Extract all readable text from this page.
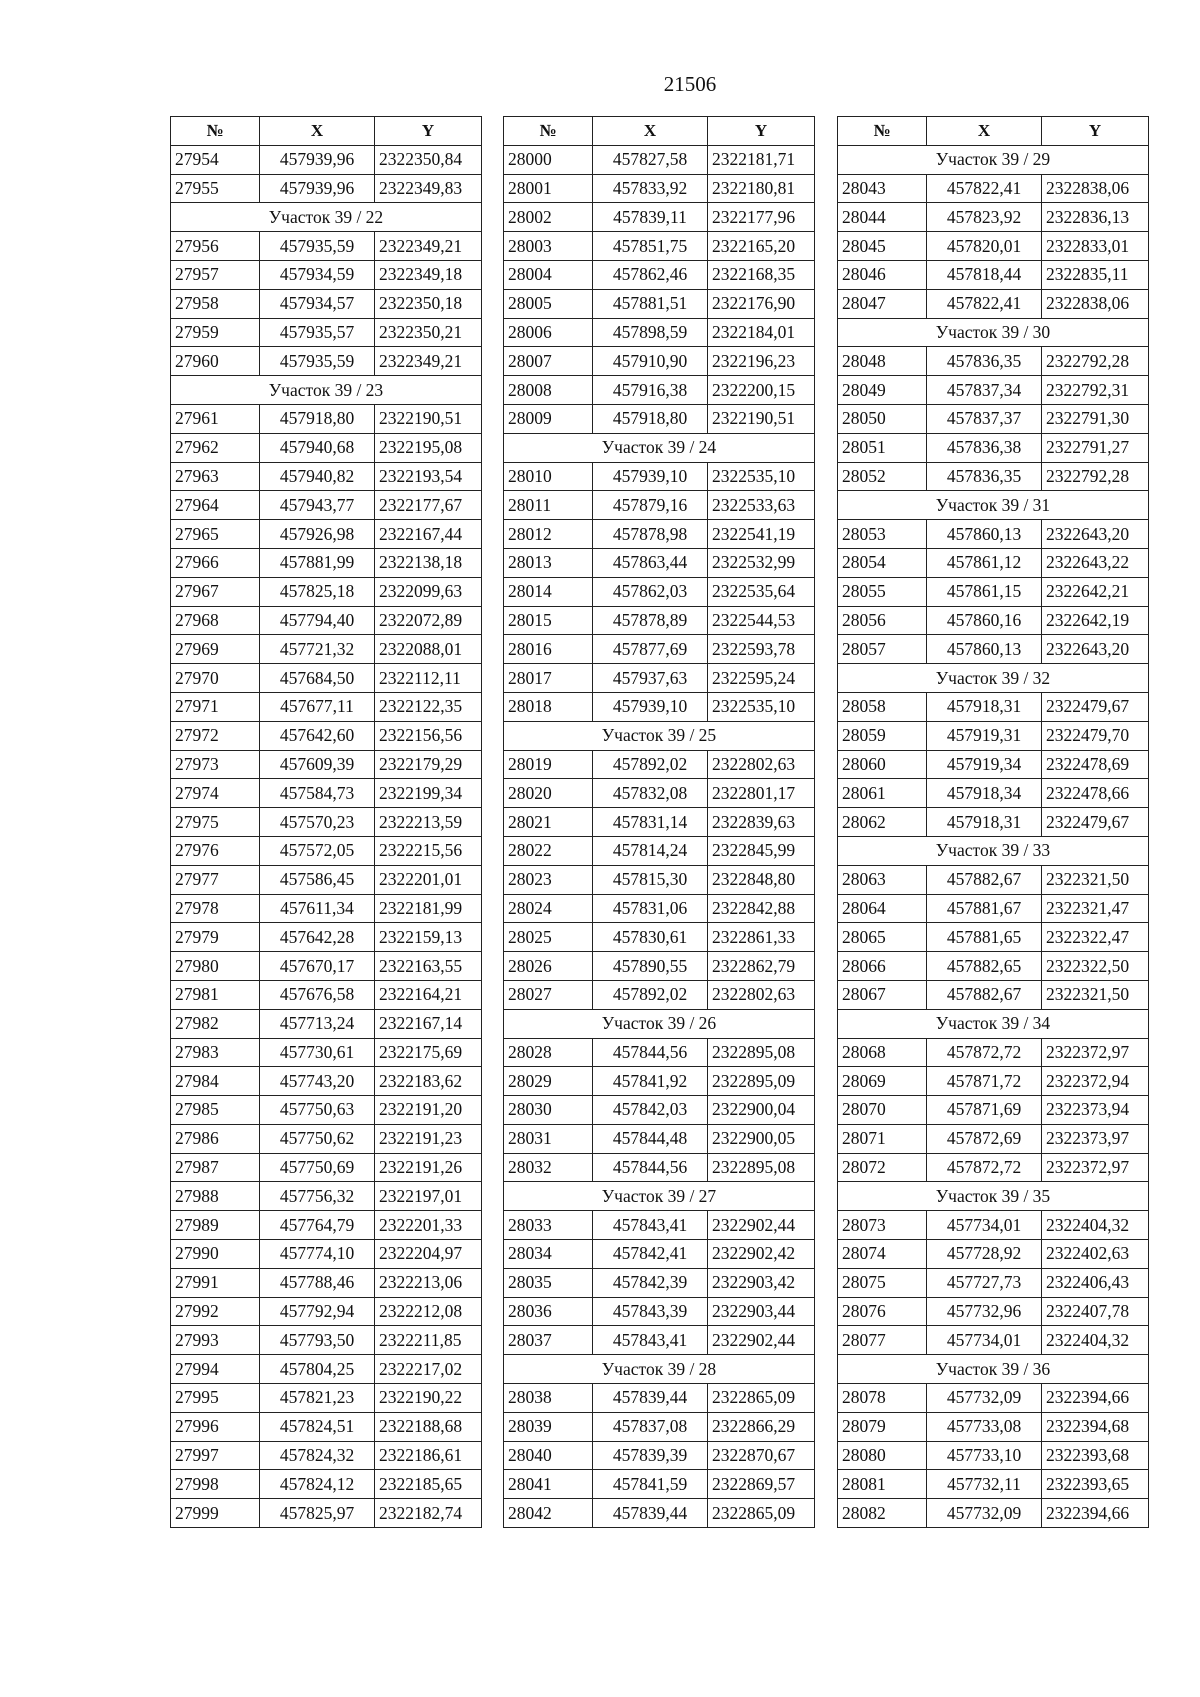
21506
№	X	Y
27954	457939,96	2322350,84
27955	457939,96	2322349,83
Участок 39 / 22		
27956	457935,59	2322349,21
27957	457934,59	2322349,18
27958	457934,57	2322350,18
27959	457935,57	2322350,21
27960	457935,59	2322349,21
Участок 39 / 23		
27961	457918,80	2322190,51
27962	457940,68	2322195,08
27963	457940,82	2322193,54
27964	457943,77	2322177,67
27965	457926,98	2322167,44
27966	457881,99	2322138,18
27967	457825,18	2322099,63
27968	457794,40	2322072,89
27969	457721,32	2322088,01
27970	457684,50	2322112,11
27971	457677,11	2322122,35
27972	457642,60	2322156,56
27973	457609,39	2322179,29
27974	457584,73	2322199,34
27975	457570,23	2322213,59
27976	457572,05	2322215,56
27977	457586,45	2322201,01
27978	457611,34	2322181,99
27979	457642,28	2322159,13
27980	457670,17	2322163,55
27981	457676,58	2322164,21
27982	457713,24	2322167,14
27983	457730,61	2322175,69
27984	457743,20	2322183,62
27985	457750,63	2322191,20
27986	457750,62	2322191,23
27987	457750,69	2322191,26
27988	457756,32	2322197,01
27989	457764,79	2322201,33
27990	457774,10	2322204,97
27991	457788,46	2322213,06
27992	457792,94	2322212,08
27993	457793,50	2322211,85
27994	457804,25	2322217,02
27995	457821,23	2322190,22
27996	457824,51	2322188,68
27997	457824,32	2322186,61
27998	457824,12	2322185,65
27999	457825,97	2322182,74
№	X	Y
28000	457827,58	2322181,71
28001	457833,92	2322180,81
28002	457839,11	2322177,96
28003	457851,75	2322165,20
28004	457862,46	2322168,35
28005	457881,51	2322176,90
28006	457898,59	2322184,01
28007	457910,90	2322196,23
28008	457916,38	2322200,15
28009	457918,80	2322190,51
Участок 39 / 24		
28010	457939,10	2322535,10
28011	457879,16	2322533,63
28012	457878,98	2322541,19
28013	457863,44	2322532,99
28014	457862,03	2322535,64
28015	457878,89	2322544,53
28016	457877,69	2322593,78
28017	457937,63	2322595,24
28018	457939,10	2322535,10
Участок 39 / 25		
28019	457892,02	2322802,63
28020	457832,08	2322801,17
28021	457831,14	2322839,63
28022	457814,24	2322845,99
28023	457815,30	2322848,80
28024	457831,06	2322842,88
28025	457830,61	2322861,33
28026	457890,55	2322862,79
28027	457892,02	2322802,63
Участок 39 / 26		
28028	457844,56	2322895,08
28029	457841,92	2322895,09
28030	457842,03	2322900,04
28031	457844,48	2322900,05
28032	457844,56	2322895,08
Участок 39 / 27		
28033	457843,41	2322902,44
28034	457842,41	2322902,42
28035	457842,39	2322903,42
28036	457843,39	2322903,44
28037	457843,41	2322902,44
Участок 39 / 28		
28038	457839,44	2322865,09
28039	457837,08	2322866,29
28040	457839,39	2322870,67
28041	457841,59	2322869,57
28042	457839,44	2322865,09
№	X	Y
Участок 39 / 29		
28043	457822,41	2322838,06
28044	457823,92	2322836,13
28045	457820,01	2322833,01
28046	457818,44	2322835,11
28047	457822,41	2322838,06
Участок 39 / 30		
28048	457836,35	2322792,28
28049	457837,34	2322792,31
28050	457837,37	2322791,30
28051	457836,38	2322791,27
28052	457836,35	2322792,28
Участок 39 / 31		
28053	457860,13	2322643,20
28054	457861,12	2322643,22
28055	457861,15	2322642,21
28056	457860,16	2322642,19
28057	457860,13	2322643,20
Участок 39 / 32		
28058	457918,31	2322479,67
28059	457919,31	2322479,70
28060	457919,34	2322478,69
28061	457918,34	2322478,66
28062	457918,31	2322479,67
Участок 39 / 33		
28063	457882,67	2322321,50
28064	457881,67	2322321,47
28065	457881,65	2322322,47
28066	457882,65	2322322,50
28067	457882,67	2322321,50
Участок 39 / 34		
28068	457872,72	2322372,97
28069	457871,72	2322372,94
28070	457871,69	2322373,94
28071	457872,69	2322373,97
28072	457872,72	2322372,97
Участок 39 / 35		
28073	457734,01	2322404,32
28074	457728,92	2322402,63
28075	457727,73	2322406,43
28076	457732,96	2322407,78
28077	457734,01	2322404,32
Участок 39 / 36		
28078	457732,09	2322394,66
28079	457733,08	2322394,68
28080	457733,10	2322393,68
28081	457732,11	2322393,65
28082	457732,09	2322394,66
